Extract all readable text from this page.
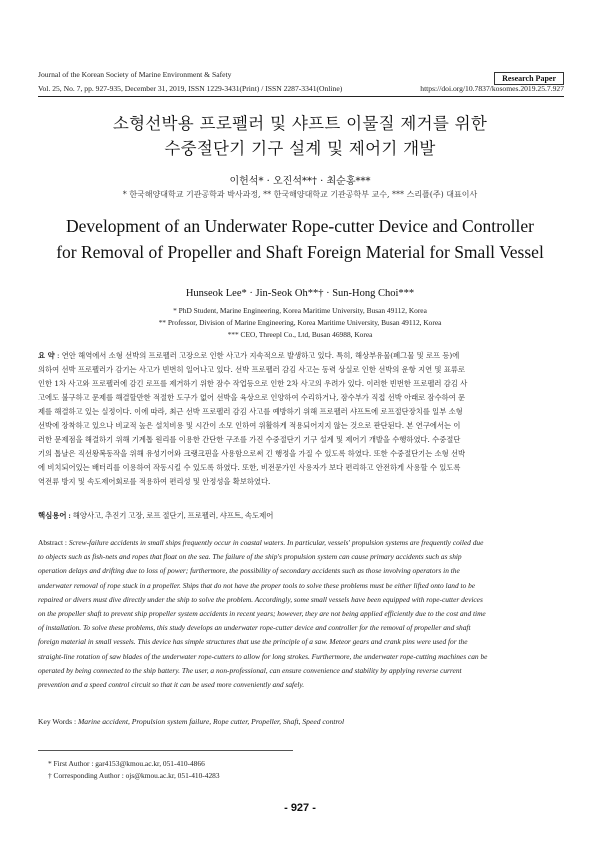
Journal of the Korean Society of Marine Environment & Safety	Research Paper
Vol. 25, No. 7, pp. 927-935, December 31, 2019, ISSN 1229-3431(Print) / ISSN 2287-3341(Online)	https://doi.org/10.7837/kosomes.2019.25.7.927
소형선박용 프로펠러 및 샤프트 이물질 제거를 위한
수중절단기 기구 설계 및 제어기 개발
이헌석* · 오진석**† · 최순홍***
* 한국해양대학교 기관공학과 박사과정, ** 한국해양대학교 기관공학부 교수, *** 스리플(주) 대표이사
Development of an Underwater Rope-cutter Device and Controller
for Removal of Propeller and Shaft Foreign Material for Small Vessel
Hunseok Lee* · Jin-Seok Oh**† · Sun-Hong Choi***
* PhD Student, Marine Engineering, Korea Maritime University, Busan 49112, Korea
** Professor, Division of Marine Engineering, Korea Maritime University, Busan 49112, Korea
*** CEO, Threepl Co., Ltd, Busan 46988, Korea
요 약 : 연안 해역에서 소형 선박의 프로펠러 고장으로 인한 사고가 지속적으로 발생하고 있다. 특히, 해상부유물(폐그물 및 로프 등)에
의하여 선박 프로펠러가 감기는 사고가 빈번히 일어나고 있다. 선박 프로펠러 감김 사고는 동력 상실로 인한 선박의 운항 지연 및 표류로
인한 1차 사고와 프로펠러에 감긴 로프를 제거하기 위한 잠수 작업등으로 인한 2차 사고의 우려가 있다. 이러한 빈번한 프로펠러 감김 사
고에도 불구하고 문제를 해결할만한 적절한 도구가 없어 선박을 육상으로 인양하여 수리하거나, 잠수부가 직접 선박 아래로 잠수하여 문
제를 해결하고 있는 실정이다. 이에 따라, 최근 선박 프로펠러 감김 사고를 예방하기 위해 프로펠러 샤프트에 로프절단장치를 일부 소형
선박에 장착하고 있으나 비교적 높은 설치비용 및 시간이 소모 인하여 위활하게 적용되어지지 않는 것으로 판단된다. 본 연구에서는 이
러한 문제점을 해결하기 위해 기계톱 원리를 이용한 간단한 구조를 가진 수중절단기 기구 설계 및 제어기 개발을 수행하였다. 수중절단
기의 톱날은 직선왕복동작을 위해 유성기어와 크랭크핀을 사용함으로써 긴 행정을 가질 수 있도록 하였다. 또한 수중절단기는 소형 선박
에 비치되어있는 배터리를 이용하여 작동시킬 수 있도록 하였다. 또한, 비전문가인 사용자가 보다 편리하고 안전하게 사용할 수 있도록
역전류 방지 및 속도제어회로를 적용하여 편리성 및 안정성을 확보하였다.
핵심용어 : 해양사고, 추진기 고장, 로프 절단기, 프로펠러, 샤프트, 속도제어
Abstract : Screw-failure accidents in small ships frequently occur in coastal waters. In particular, vessels' propulsion systems are frequently coiled due
to objects such as fish-nets and ropes that float on the sea. The failure of the ship's propulsion system can cause primary accidents such as ship
operation delays and drifting due to loss of power; furthermore, the possibility of secondary accidents such as those involving operators in the
underwater removal of rope stuck in a propeller. Ships that do not have the proper tools to solve these problems must be either lifted onto land to be
repaired or divers must dive directly under the ship to solve the problem. Accordingly, some small vessels have been equipped with rope-cutter devices
on the propeller shaft to prevent ship propeller system accidents in recent years; however, they are not being applied efficiently due to the cost and time
of installation. To solve these problems, this study develops an underwater rope-cutter device and controller for the removal of propeller and shaft
foreign material in small vessels. This device has simple structures that use the principle of a saw. Meteor gears and crank pins were used for the
straight-line rotation of saw blades of the underwater rope-cutters to allow for long strokes. Furthermore, the underwater rope-cutting machines can be
operated by being connected to the ship battery. The user, a non-professional, can ensure convenience and stability by applying reverse current
prevention and a speed control circuit so that it can be used more conveniently and safely.
Key Words : Marine accident, Propulsion system failure, Rope cutter, Propeller, Shaft, Speed control
* First Author : gar4153@kmou.ac.kr, 051-410-4866
† Corresponding Author : ojs@kmou.ac.kr, 051-410-4283
- 927 -
